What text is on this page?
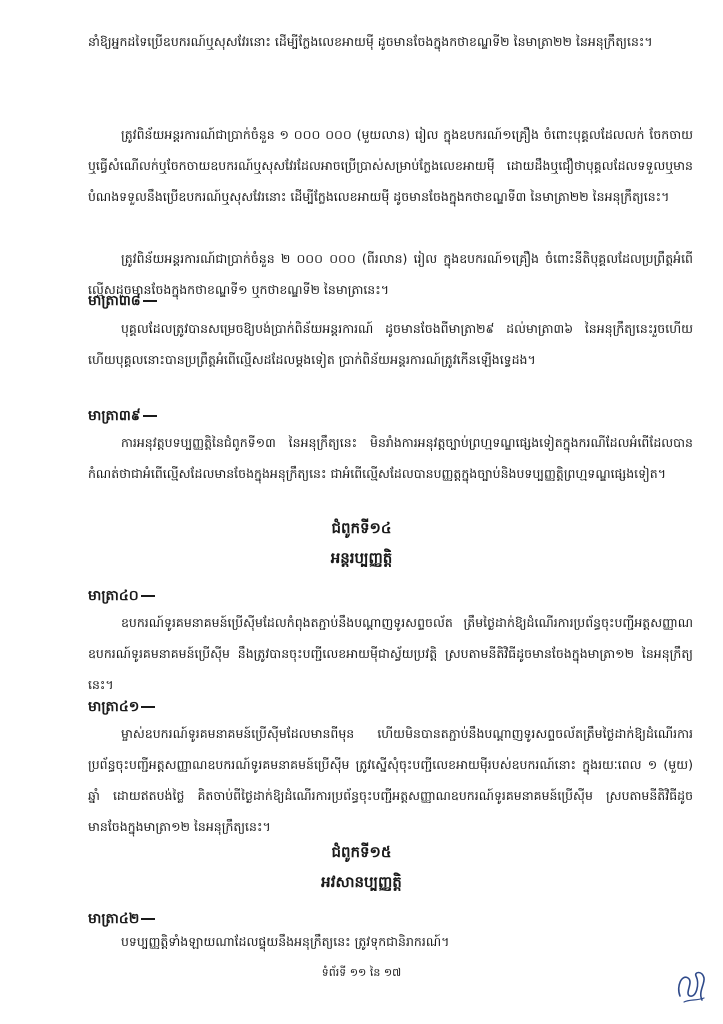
នាំឱ្យអ្នកដទៃប្រើឧបករណ៍ឬសុសវែរនោះ ដើម្បីក្លែងលេខអាយម៉ី ដូចមានចែងក្នុងកថាខណ្ឌទី២ នៃមាត្រា២២ នៃអនុក្រឹត្យនេះ។

ត្រូវពិន័យអន្តរការណ៍ជាប្រាក់ចំនួន ១ ០០០ ០០០ (មួយលាន) រៀល ក្នុងឧបករណ៍១គ្រឿង ចំពោះបុគ្គលដែលលក់ ចែកចាយ ឬធ្វើសំណើលក់ឬចែកចាយឧបករណ៍ឬសុសវែរដែលអាចប្រើប្រាស់សម្រាប់ក្លែងលេខអាយម៉ី ដោយដឹងឬជឿថាបុគ្គលដែលទទួលឬមានបំណងទទួលនឹងប្រើឧបករណ៍ឬសុសវែរនោះ ដើម្បីក្លែងលេខអាយម៉ី ដូចមានចែងក្នុងកថាខណ្ឌទី៣ នៃមាត្រា២២ នៃអនុក្រឹត្យនេះ។

ត្រូវពិន័យអន្តរការណ៍ជាប្រាក់ចំនួន ២ ០០០ ០០០ (ពីរលាន) រៀល ក្នុងឧបករណ៍១គ្រឿង ចំពោះនីតិបុគ្គលដែលប្រព្រឹត្តអំពើល្មើសដូចមានចែងក្នុងកថាខណ្ឌទី១ ឬកថាខណ្ឌទី២ នៃមាត្រានេះ។

មាត្រា៣៨

បុគ្គលដែលត្រូវបានសម្រេចឱ្យបង់ប្រាក់ពិន័យអន្តរការណ៍ ដូចមានចែងពីមាត្រា២៩ ដល់មាត្រា៣៦ នៃអនុក្រឹត្យនេះរួចហើយ ហើយបុគ្គលនោះបានប្រព្រឹត្តអំពើល្មើសដដែលម្តងទៀត ប្រាក់ពិន័យអន្តរការណ៍ត្រូវកើនឡើងទ្វេដង។

មាត្រា៣៩

ការអនុវត្តបទប្បញ្ញត្តិនៃជំពូកទី១៣ នៃអនុក្រឹត្យនេះ មិនរាំងការអនុវត្តច្បាប់ព្រហ្មទណ្ឌផ្សេងទៀតក្នុងករណីដែលអំពើដែលបានកំណត់ថាជាអំពើល្មើសដែលមានចែងក្នុងអនុក្រឹត្យនេះ ជាអំពើល្មើសដែលបានបញ្ញត្តក្នុងច្បាប់និងបទប្បញ្ញត្តិព្រហ្មទណ្ឌផ្សេងទៀត។

ជំពូកទី១៤
អន្តរប្បញ្ញត្តិ
មាត្រា៤០

ឧបករណ៍ទូរគមនាគមន៍ប្រើស៊ីមដែលកំពុងតភ្ជាប់នឹងបណ្តាញទូរសព្ទចល័ត ត្រឹមថ្ងៃដាក់ឱ្យដំណើរការប្រព័ន្ធចុះបញ្ជីអត្តសញ្ញាណឧបករណ៍ទូរគមនាគមន៍ប្រើស៊ីម នឹងត្រូវបានចុះបញ្ជីលេខអាយម៉ីជាស្វ័យប្រវត្តិ ស្របតាមនីតិវិធីដូចមានចែងក្នុងមាត្រា១២ នៃអនុក្រឹត្យនេះ។

មាត្រា៤១

ម្ចាស់ឧបករណ៍ទូរគមនាគមន៍ប្រើស៊ីមដែលមានពីមុន ហើយមិនបានតភ្ជាប់នឹងបណ្តាញទូរសព្ទចល័តត្រឹមថ្ងៃដាក់ឱ្យដំណើរការប្រព័ន្ធចុះបញ្ជីអត្តសញ្ញាណឧបករណ៍ទូរគមនាគមន៍ប្រើស៊ីម ត្រូវស្នើសុំចុះបញ្ជីលេខអាយម៉ីរបស់ឧបករណ៍នោះ ក្នុងរយៈពេល ១ (មួយ) ឆ្នាំ ដោយឥតបង់ថ្លៃ គិតចាប់ពីថ្ងៃដាក់ឱ្យដំណើរការប្រព័ន្ធចុះបញ្ជីអត្តសញ្ញាណឧបករណ៍ទូរគមនាគមន៍ប្រើស៊ីម ស្របតាមនីតិវិធីដូចមានចែងក្នុងមាត្រា១២ នៃអនុក្រឹត្យនេះ។

ជំពូកទី១៥
អវសានប្បញ្ញត្តិ
មាត្រា៤២

បទប្បញ្ញត្តិទាំងឡាយណាដែលផ្ទុយនឹងអនុក្រឹត្យនេះ ត្រូវទុកជានិរាករណ៍។

ទំព័រទី ១១ នៃ ១៧
